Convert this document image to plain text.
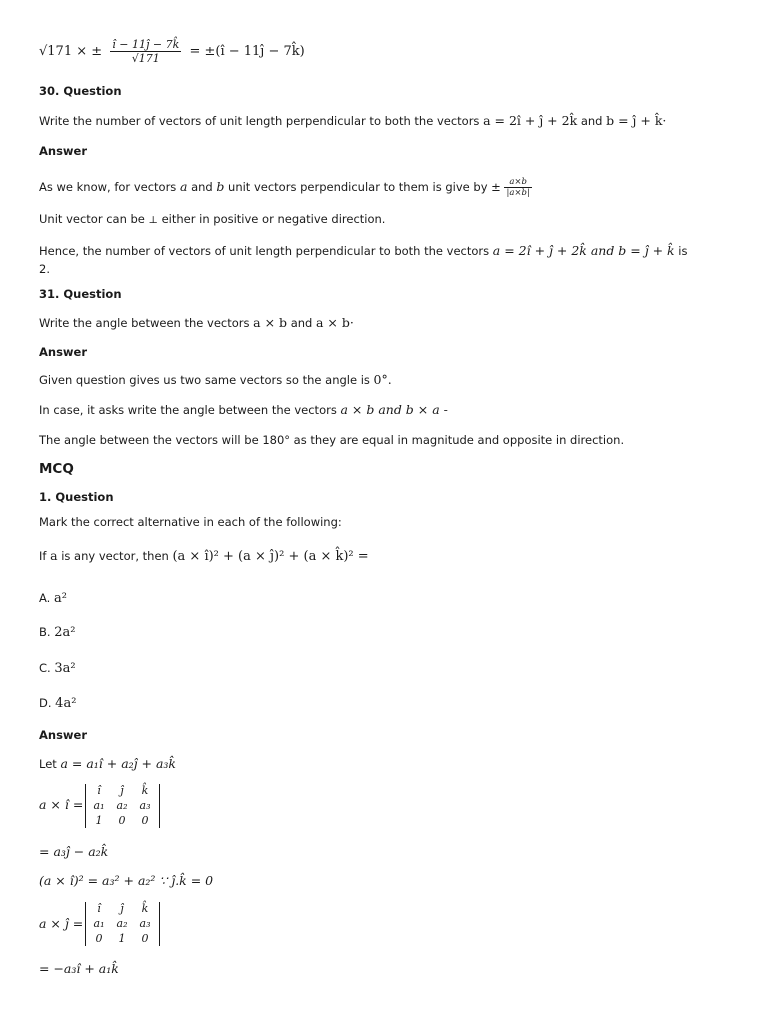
√171 × ± $\frac{î - 11ĵ - 7k̂}{√171}$ = ±(î − 11ĵ − 7k̂)
30. Question
Write the number of vectors of unit length perpendicular to both the vectors a = 2î + ĵ + 2k̂ and b = ĵ + k̂·
Answer
As we know, for vectors a and b unit vectors perpendicular to them is give by ± $\frac{a\times b}{|a\times b|}$
Unit vector can be ⊥ either in positive or negative direction.
Hence, the number of vectors of unit length perpendicular to both the vectors a = 2î + ĵ + 2k̂ and b = ĵ + k̂ is
2.
31. Question
Write the angle between the vectors a × b and a × b·
Answer
Given question gives us two same vectors so the angle is 0°.
In case, it asks write the angle between the vectors a × b and b × a -
The angle between the vectors will be 180° as they are equal in magnitude and opposite in direction.
MCQ
1. Question
Mark the correct alternative in each of the following:
If a is any vector, then (a × î)² + (a × ĵ)² + (a × k̂)² =
A. a²
B. 2a²
C. 3a²
D. 4a²
Answer
Let a = a₁î + a₂ĵ + a₃k̂
a × î =
î	ĵ	k̂
a₁	a₂	a₃
1	0	0
= a₃ĵ − a₂k̂
(a × î)² = a₃² + a₂² ∵ ĵ.k̂ = 0
a × ĵ =
î	ĵ	k̂
a₁	a₂	a₃
0	1	0
= −a₃î + a₁k̂
